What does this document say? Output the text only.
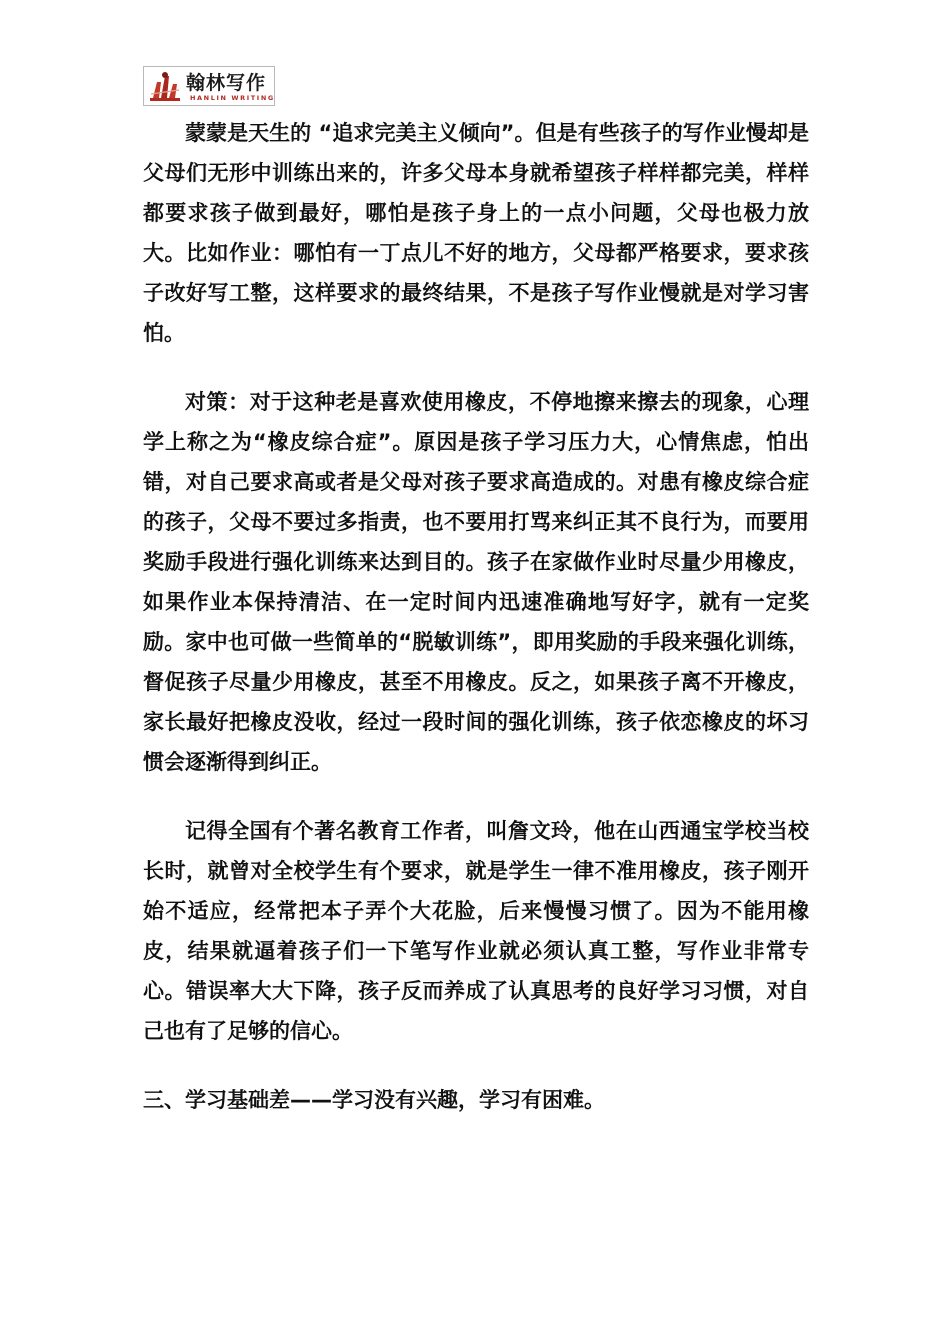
翰林写作
HANLIN WRITING

蒙蒙是天生的 “追求完美主义倾向”。但是有些孩子的写作业慢却是父母们无形中训练出来的，许多父母本身就希望孩子样样都完美，样样都要求孩子做到最好，哪怕是孩子身上的一点小问题，父母也极力放大。比如作业：哪怕有一丁点儿不好的地方，父母都严格要求，要求孩子改好写工整，这样要求的最终结果，不是孩子写作业慢就是对学习害怕。

对策：对于这种老是喜欢使用橡皮，不停地擦来擦去的现象，心理学上称之为“橡皮综合症”。原因是孩子学习压力大，心情焦虑，怕出错，对自己要求高或者是父母对孩子要求高造成的。对患有橡皮综合症的孩子，父母不要过多指责，也不要用打骂来纠正其不良行为，而要用奖励手段进行强化训练来达到目的。孩子在家做作业时尽量少用橡皮，如果作业本保持清洁、在一定时间内迅速准确地写好字，就有一定奖励。家中也可做一些简单的“脱敏训练”，即用奖励的手段来强化训练，督促孩子尽量少用橡皮，甚至不用橡皮。反之，如果孩子离不开橡皮，家长最好把橡皮没收，经过一段时间的强化训练，孩子依恋橡皮的坏习惯会逐渐得到纠正。

记得全国有个著名教育工作者，叫詹文玲，他在山西通宝学校当校长时，就曾对全校学生有个要求，就是学生一律不准用橡皮，孩子刚开始不适应，经常把本子弄个大花脸，后来慢慢习惯了。因为不能用橡皮，结果就逼着孩子们一下笔写作业就必须认真工整，写作业非常专心。错误率大大下降，孩子反而养成了认真思考的良好学习习惯，对自己也有了足够的信心。

三、学习基础差——学习没有兴趣，学习有困难。
